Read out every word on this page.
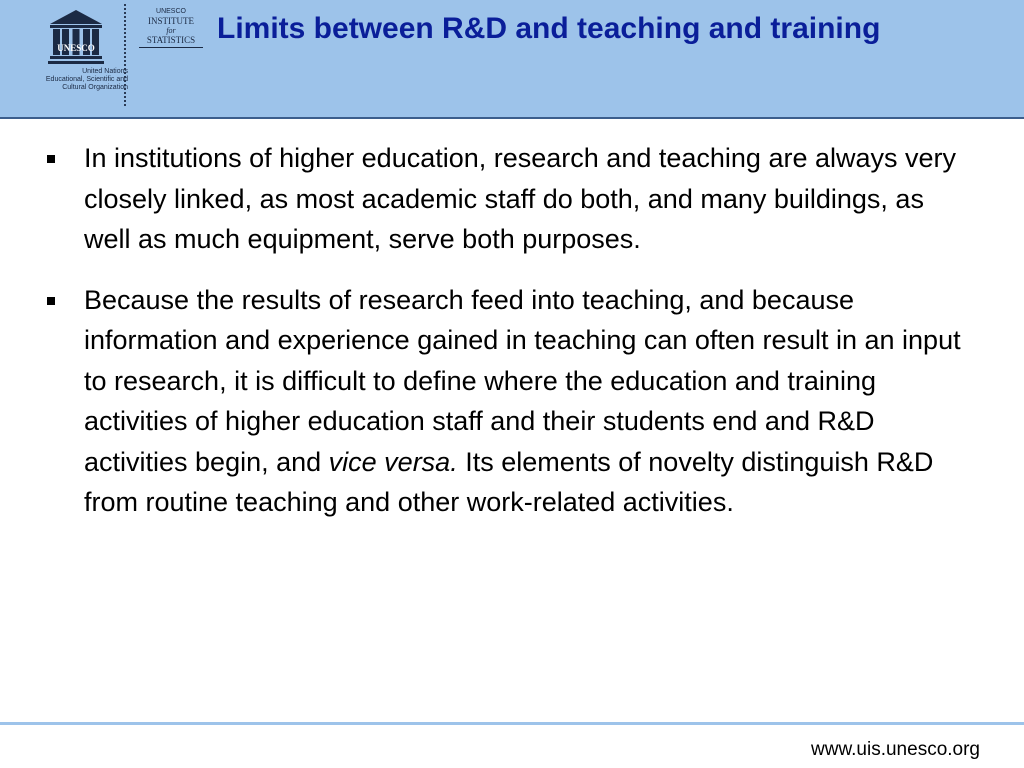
UNESCO
United Nations
Educational, Scientific and
Cultural Organization
UNESCO
INSTITUTE
for
STATISTICS Limits between R&D and teaching and training
In institutions of higher education, research and teaching are always very closely linked, as most academic staff do both, and many buildings, as well as much equipment, serve both purposes.
Because the results of research feed into teaching, and because information and experience gained in teaching can often result in an input to research, it is difficult to define where the education and training activities of higher education staff and their students end and R&D activities begin, and vice versa. Its elements of novelty distinguish R&D from routine teaching and other work-related activities.
www.uis.unesco.org
